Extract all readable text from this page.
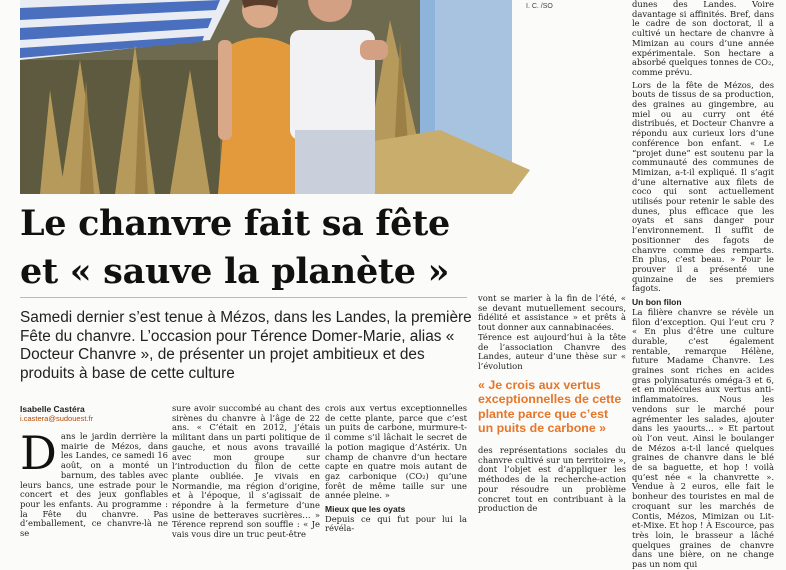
I. C. /SO
Le chanvre fait sa fête
et « sauve la planète »
Samedi dernier s’est tenue à Mézos, dans les Landes, la première Fête du chanvre. L’occasion pour Térence Domer-Marie, alias « Docteur Chanvre », de présenter un projet ambitieux et des produits à base de cette culture
Isabelle Castéra
i.castera@sudouest.fr
D ans le jardin derrière la mairie de Mézos, dans les Landes, ce samedi 16 août, on a monté un barnum, des tables avec leurs bancs, une estrade pour le concert et des jeux gonflables pour les enfants. Au programme : la Fête du chanvre. Pas d’emballement, ce chanvre-là ne se

sure avoir succombé au chant des sirènes du chanvre à l’âge de 22 ans. « C’était en 2012, j’étais militant dans un parti politique de gauche, et nous avons travaillé avec mon groupe sur l’introduction du filon de cette plante oubliée. Je vivais en Normandie, ma région d’origine, et à l’époque, il s’agissait de répondre à la fermeture d’une usine de betteraves sucrières… » Térence reprend son souffle : « Je vais vous dire un truc peut-être

crois aux vertus exceptionnelles de cette plante, parce que c’est un puits de carbone, murmure-t-il comme s’il lâchait le secret de la potion magique d’Astérix. Un champ de chanvre d’un hectare capte en quatre mois autant de gaz carbonique (CO₂) qu’une forêt de même taille sur une année pleine. »

Mieux que les oyats

Depuis ce qui fut pour lui la révéla-

vont se marier à la fin de l’été, « se devant mutuellement secours, fidélité et assistance » et prêts à tout donner aux cannabinacées.

Térence est aujourd’hui à la tête de l’association Chanvre des Landes, auteur d’une thèse sur « l’évolution

« Je crois aux vertus exceptionnelles de cette plante parce que c’est un puits de carbone »

des représentations sociales du chanvre cultivé sur un territoire », dont l’objet est d’appliquer les méthodes de la recherche-action pour résoudre un problème concret tout en contribuant à la production de

dunes des Landes. Voire davantage si affinités. Bref, dans le cadre de son doctorat, il a cultivé un hectare de chanvre à Mimizan au cours d’une année expérimentale. Son hectare a absorbé quelques tonnes de CO₂, comme prévu.

Lors de la fête de Mézos, des bouts de tissus de sa production, des graines au gingembre, au miel ou au curry ont été distribués, et Docteur Chanvre a répondu aux curieux lors d’une conférence bon enfant. « Le “projet dune” est soutenu par la communauté des communes de Mimizan, a-t-il expliqué. Il s’agit d’une alternative aux filets de coco qui sont actuellement utilisés pour retenir le sable des dunes, plus efficace que les oyats et sans danger pour l’environnement. Il suffit de positionner des fagots de chanvre comme des remparts. En plus, c’est beau. » Pour le prouver il a présenté une quinzaine de ses premiers fagots.

Un bon filon

La filière chanvre se révèle un filon d’exception. Qui l’eut cru ? « En plus d’être une culture durable, c’est également rentable, remarque Hélène, future Madame Chanvre. Les graines sont riches en acides gras polyinsaturés oméga-3 et 6, et en molécules aux vertus anti-inflammatoires. Nous les vendons sur le marché pour agrémenter les salades, ajouter dans les yaourts… » Et partout où l’on veut. Ainsi le boulanger de Mézos a-t-il lancé quelques graines de chanvre dans le blé de sa baguette, et hop ! voilà qu’est née « la chanvrette ». Vendue à 2 euros, elle fait le bonheur des touristes en mal de croquant sur les marchés de Contis, Mézos, Mimizan ou Lit-et-Mixe. Et hop ! À Escource, pas très loin, le brasseur a lâché quelques graines de chanvre dans une bière, on ne change pas un nom qui
